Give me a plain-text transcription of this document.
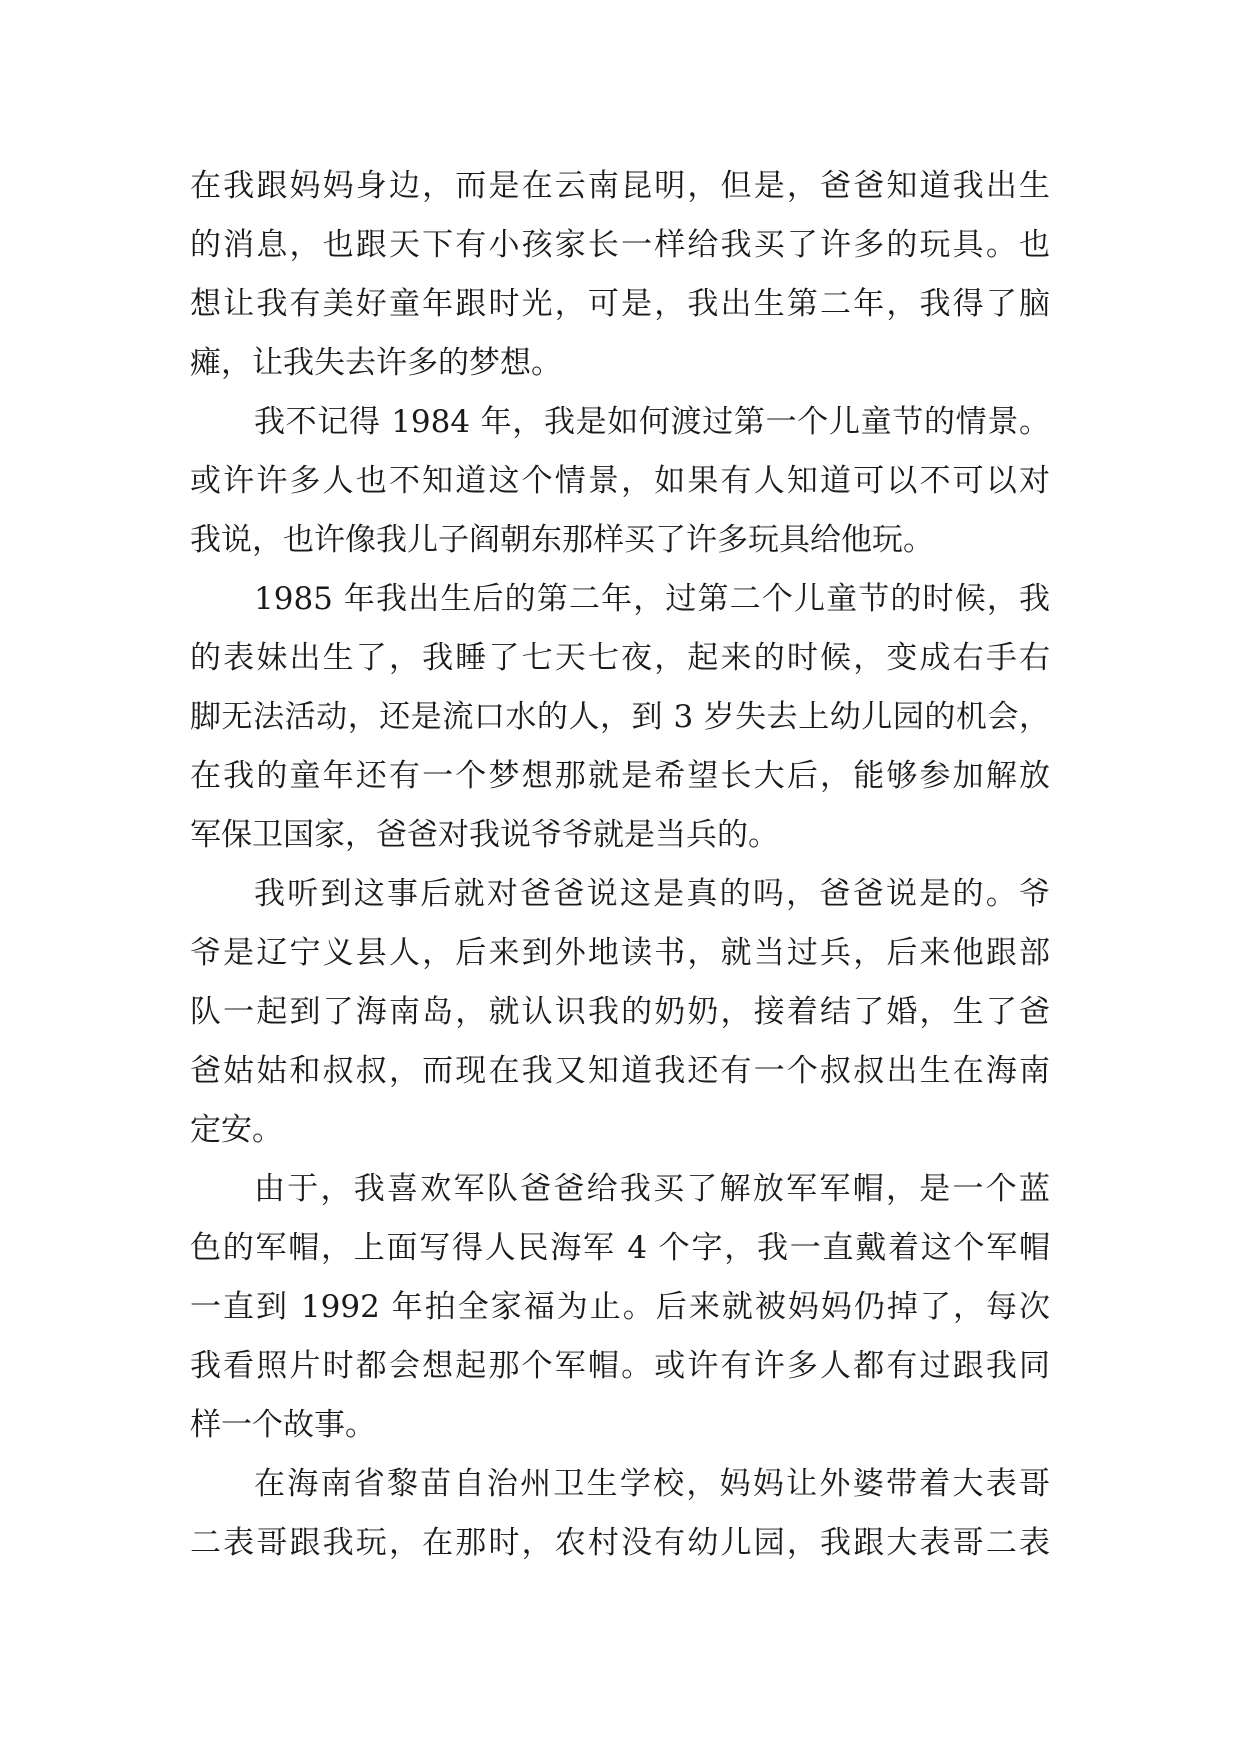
在我跟妈妈身边，而是在云南昆明，但是，爸爸知道我出生
的消息，也跟天下有小孩家长一样给我买了许多的玩具。也
想让我有美好童年跟时光，可是，我出生第二年，我得了脑
瘫，让我失去许多的梦想。
我不记得 1984 年，我是如何渡过第一个儿童节的情景。
或许许多人也不知道这个情景，如果有人知道可以不可以对
我说，也许像我儿子阎朝东那样买了许多玩具给他玩。
1985 年我出生后的第二年，过第二个儿童节的时候，我
的表妹出生了，我睡了七天七夜，起来的时候，变成右手右
脚无法活动，还是流口水的人，到 3 岁失去上幼儿园的机会，
在我的童年还有一个梦想那就是希望长大后，能够参加解放
军保卫国家，爸爸对我说爷爷就是当兵的。
我听到这事后就对爸爸说这是真的吗，爸爸说是的。爷
爷是辽宁义县人，后来到外地读书，就当过兵，后来他跟部
队一起到了海南岛，就认识我的奶奶，接着结了婚，生了爸
爸姑姑和叔叔，而现在我又知道我还有一个叔叔出生在海南
定安。
由于，我喜欢军队爸爸给我买了解放军军帽，是一个蓝
色的军帽，上面写得人民海军 4 个字，我一直戴着这个军帽
一直到 1992 年拍全家福为止。后来就被妈妈仍掉了，每次
我看照片时都会想起那个军帽。或许有许多人都有过跟我同
样一个故事。
在海南省黎苗自治州卫生学校，妈妈让外婆带着大表哥
二表哥跟我玩，在那时，农村没有幼儿园，我跟大表哥二表
